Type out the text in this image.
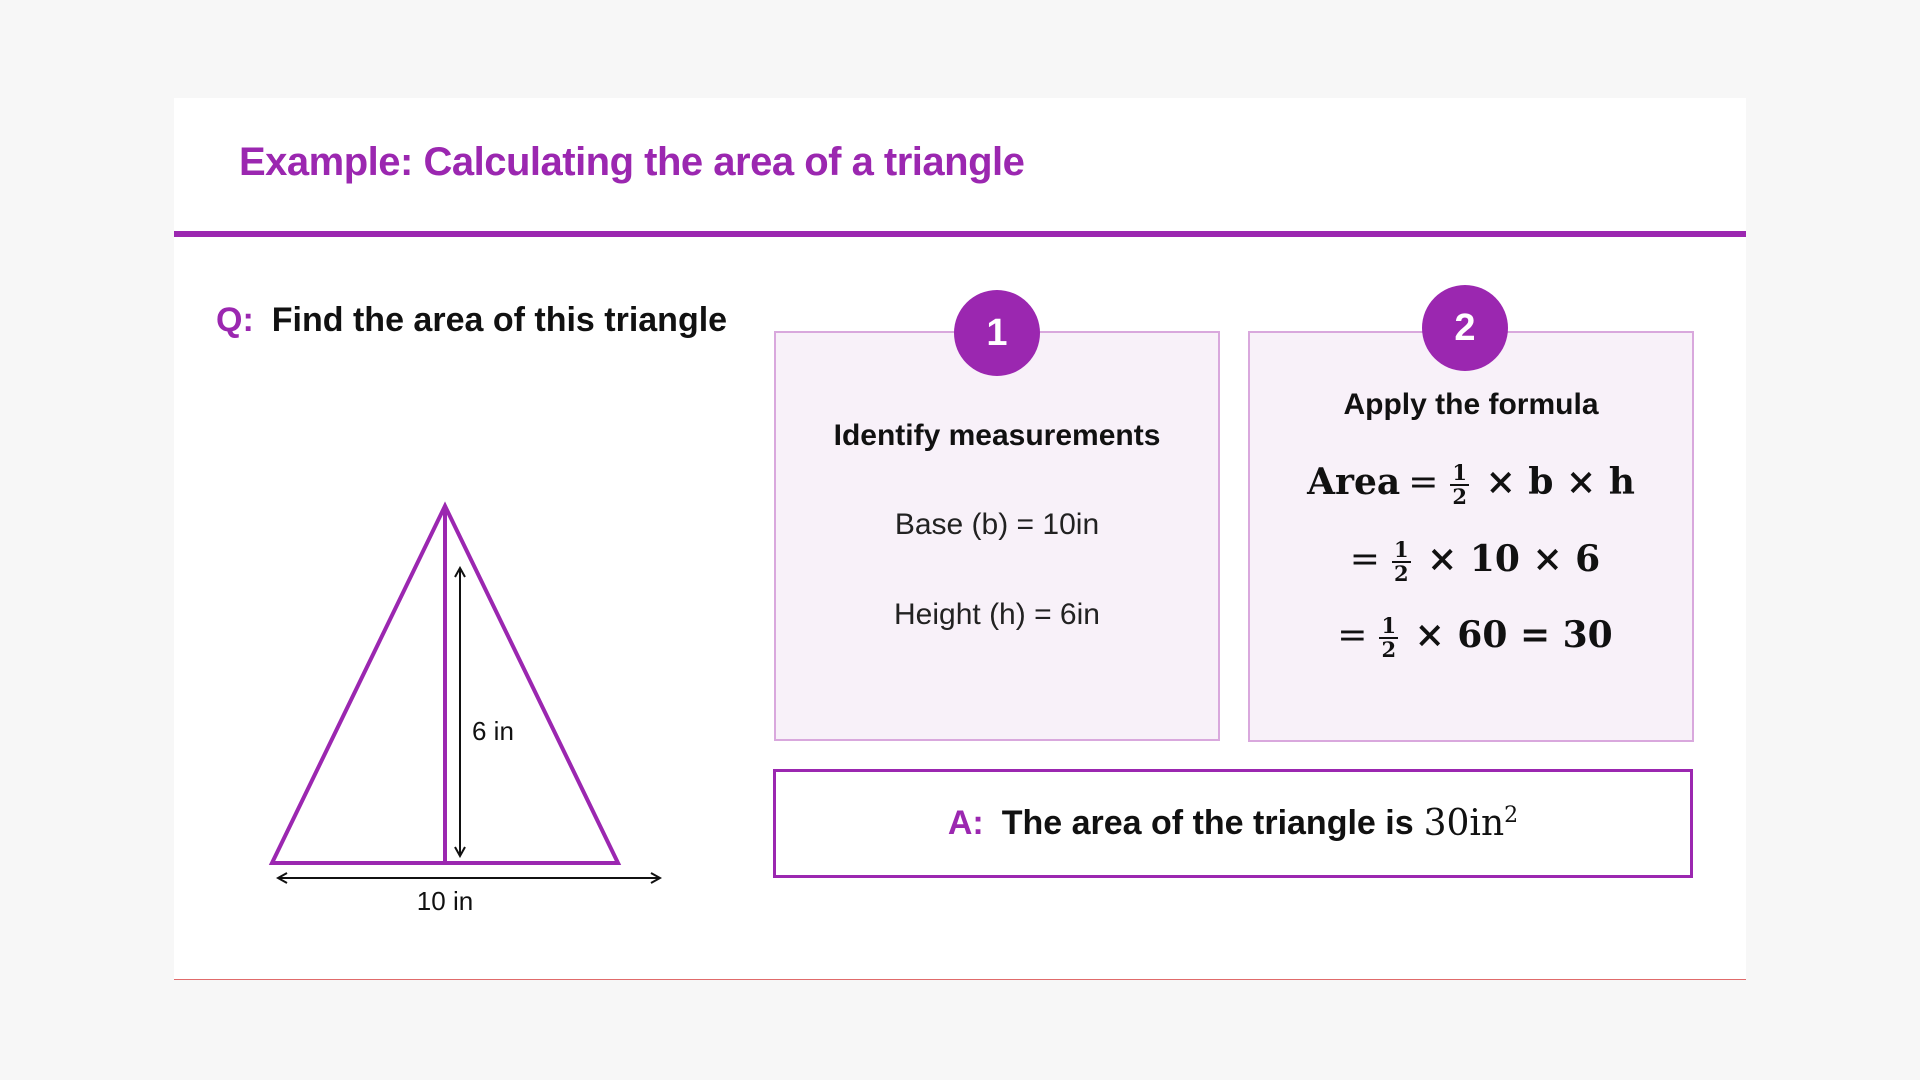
Example: Calculating the area of a triangle
Q: Find the area of this triangle
6 in
10 in
Identify measurements
Base (b) = 10in
Height (h) = 6in
1
Apply the formula
Area = $\frac{1}{2} \times b \times h$
= $\frac{1}{2} \times 10 \times 6$
= $\frac{1}{2} \times 60 = 30$
2
A: The area of the triangle is $30in^2$
